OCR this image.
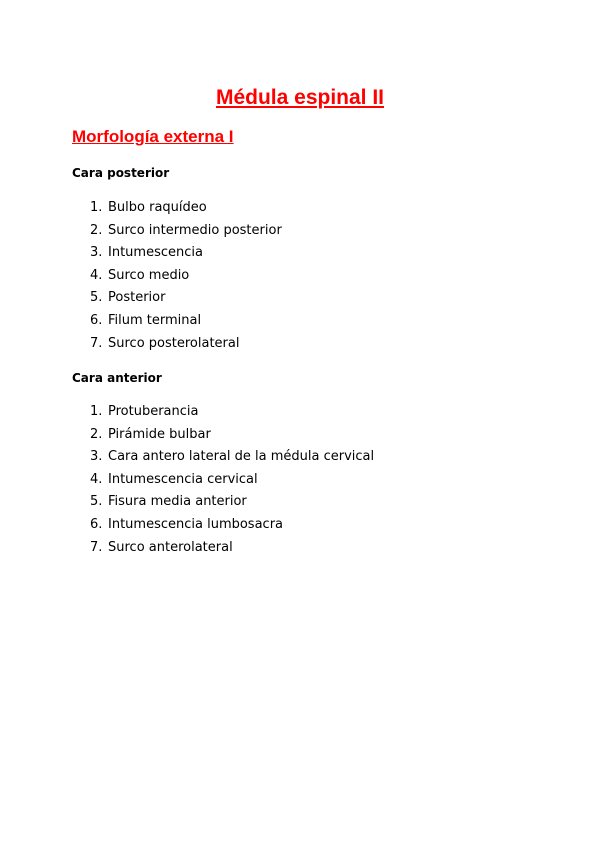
Médula espinal II
Morfología externa I
Cara posterior
1. Bulbo raquídeo
2. Surco intermedio posterior
3. Intumescencia
4. Surco medio
5. Posterior
6. Filum terminal
7. Surco posterolateral
Cara anterior
1. Protuberancia
2. Pirámide bulbar
3. Cara antero lateral de la médula cervical
4. Intumescencia cervical
5. Fisura media anterior
6. Intumescencia lumbosacra
7. Surco anterolateral
